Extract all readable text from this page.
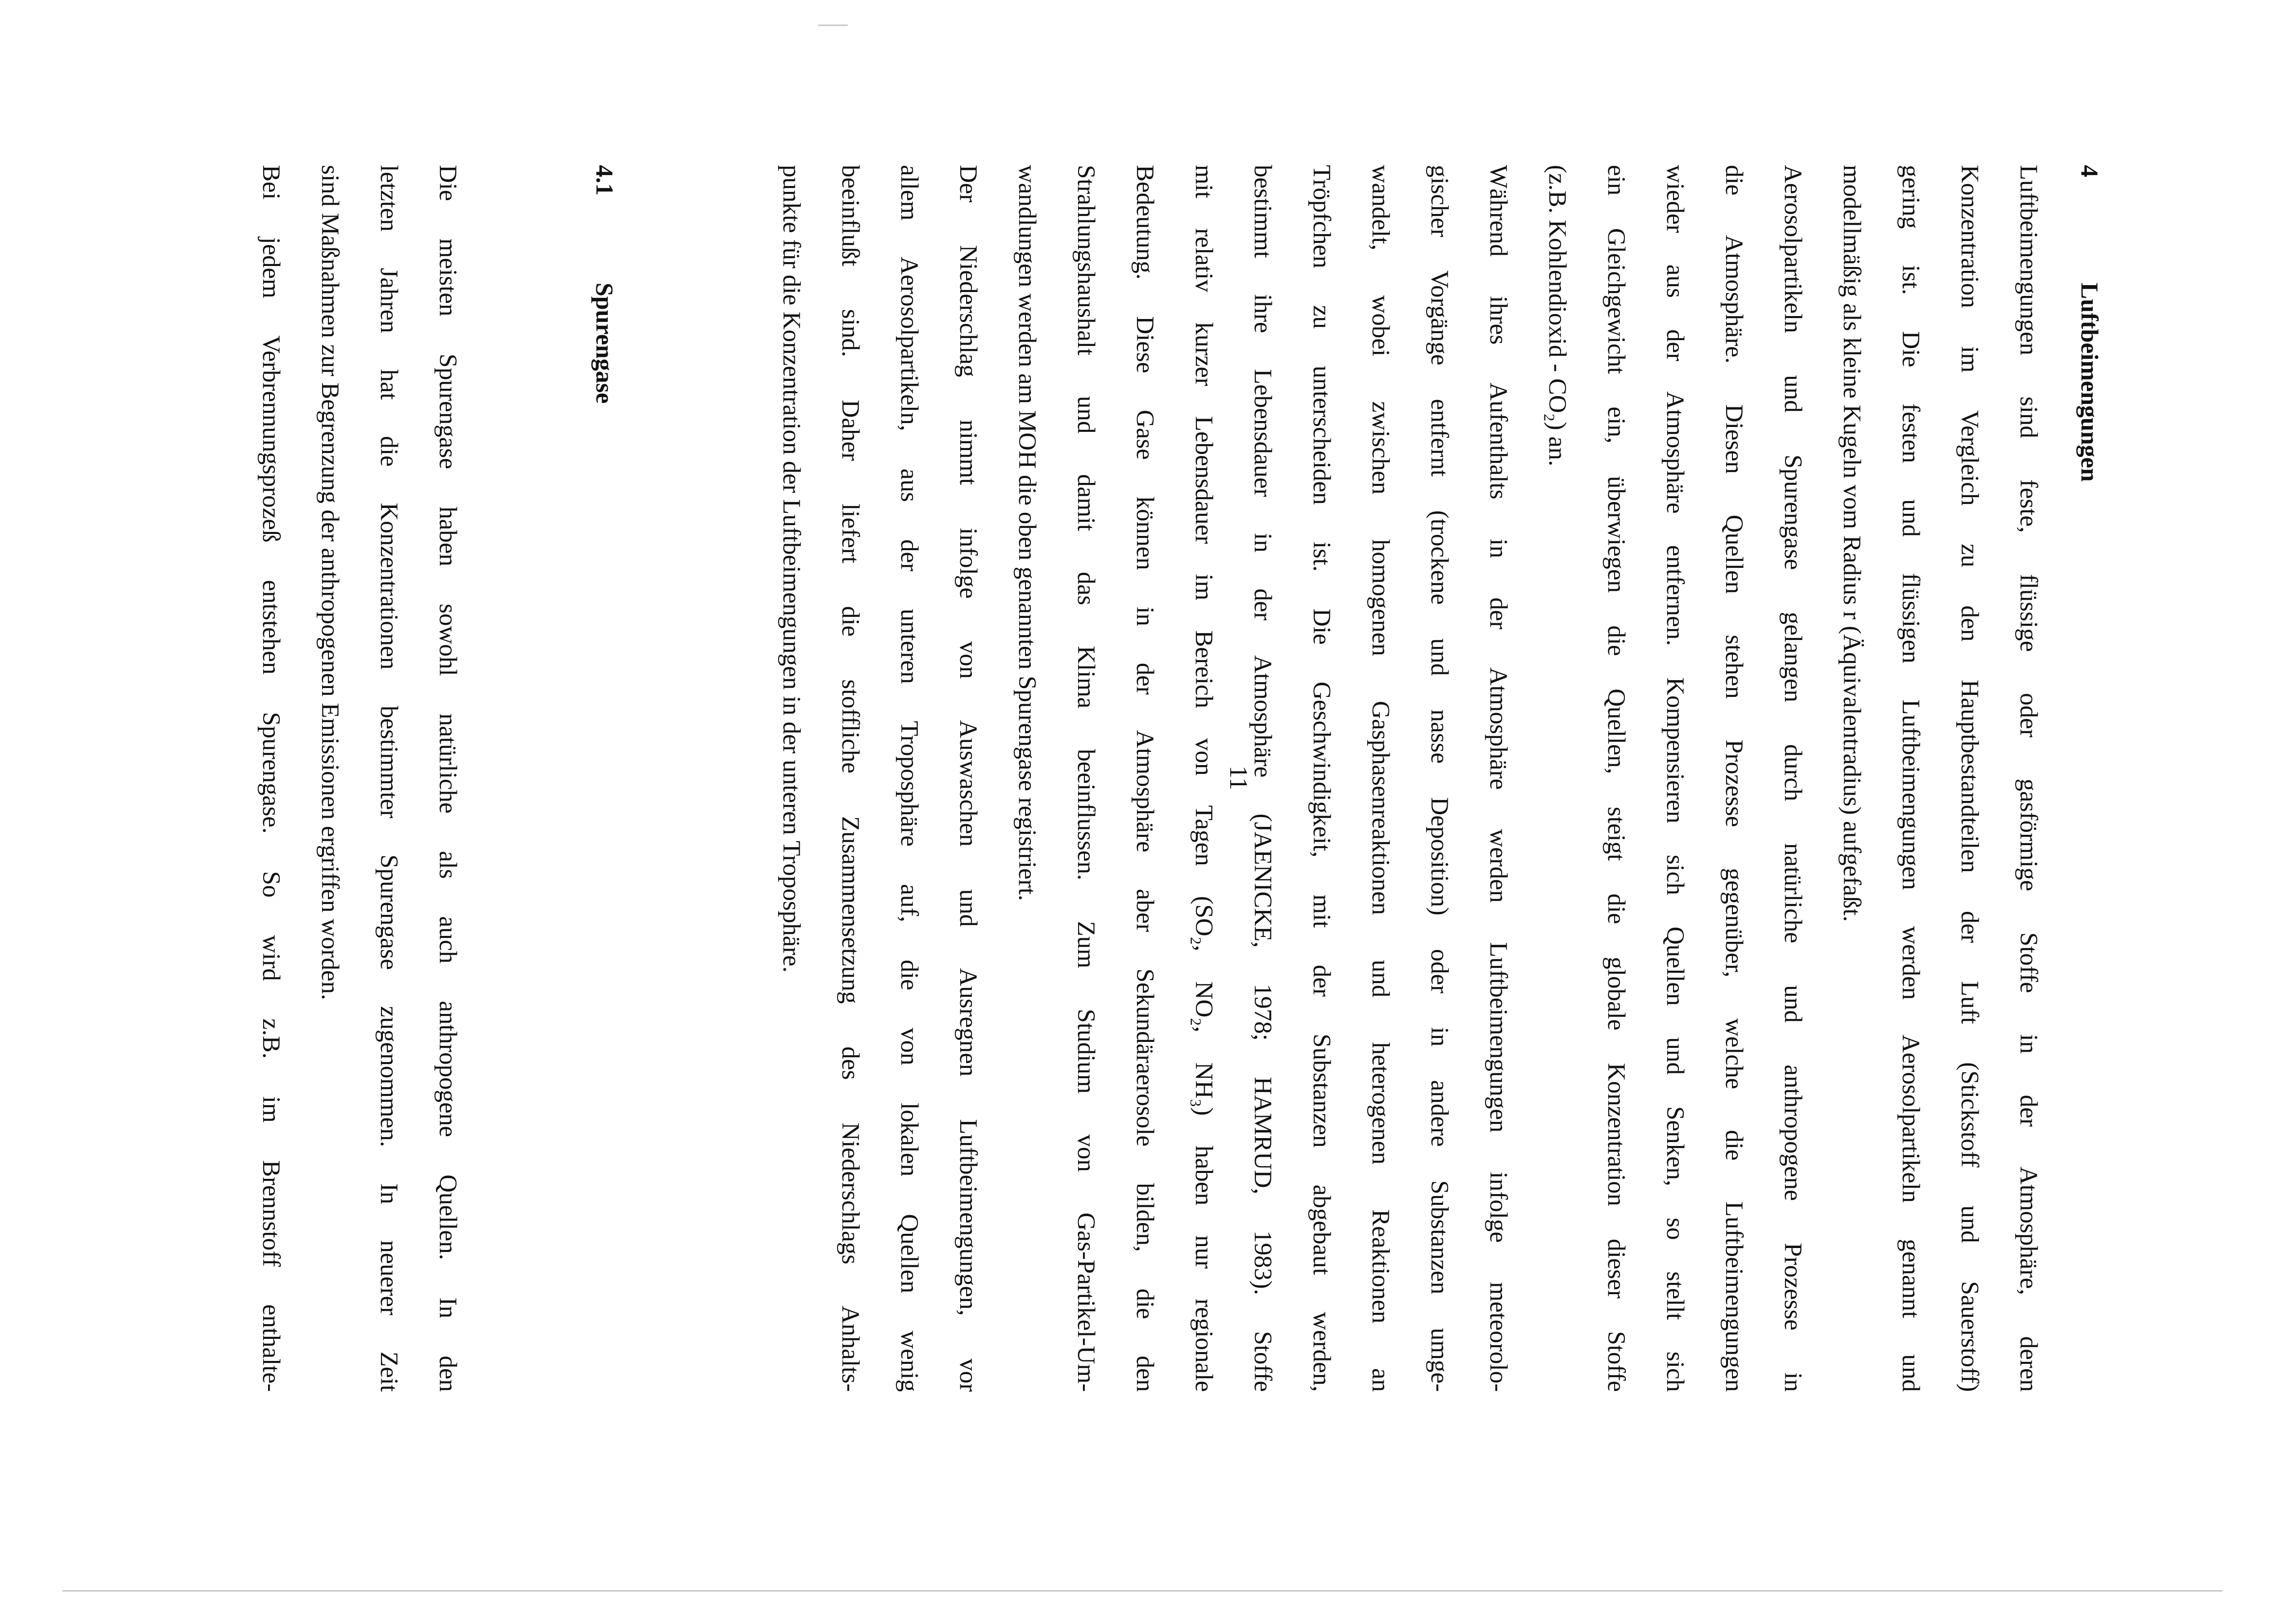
4
Luftbeimengungen
Luftbeimengungen sind feste, flüssige oder gasförmige Stoffe in der Atmosphäre, deren
Konzentration im Vergleich zu den Hauptbestandteilen der Luft (Stickstoff und Sauerstoff)
gering ist. Die festen und flüssigen Luftbeimengungen werden Aerosolpartikeln genannt und
modellmäßig als kleine Kugeln vom Radius r (Äquivalentradius) aufgefaßt.
Aerosolpartikeln und Spurengase gelangen durch natürliche und anthropogene Prozesse in
die Atmosphäre. Diesen Quellen stehen Prozesse gegenüber, welche die Luftbeimengungen
wieder aus der Atmosphäre entfernen. Kompensieren sich Quellen und Senken, so stellt sich
ein Gleichgewicht ein, überwiegen die Quellen, steigt die globale Konzentration dieser Stoffe
(z.B. Kohlendioxid - CO₂) an.
Während ihres Aufenthalts in der Atmosphäre werden Luftbeimengungen infolge meteorolo-
gischer Vorgänge entfernt (trockene und nasse Deposition) oder in andere Substanzen umge-
wandelt, wobei zwischen homogenen Gasphasenreaktionen und heterogenen Reaktionen an
Tröpfchen zu unterscheiden ist. Die Geschwindigkeit, mit der Substanzen abgebaut werden,
bestimmt ihre Lebensdauer in der Atmosphäre (JAENICKE, 1978; HAMRUD, 1983). Stoffe
mit relativ kurzer Lebensdauer im Bereich von Tagen (SO₂, NO₂, NH₃) haben nur regionale
Bedeutung. Diese Gase können in der Atmosphäre aber Sekundäraerosole bilden, die den
Strahlungshaushalt und damit das Klima beeinflussen. Zum Studium von Gas-Partikel-Um-
wandlungen werden am MOH die oben genannten Spurengase registriert.
Der Niederschlag nimmt infolge von Auswaschen und Ausregnen Luftbeimengungen, vor
allem Aerosolpartikeln, aus der unteren Troposphäre auf, die von lokalen Quellen wenig
beeinflußt sind. Daher liefert die stoffliche Zusammensetzung des Niederschlags Anhalts-
punkte für die Konzentration der Luftbeimengungen in der unteren Troposphäre.
4.1
Spurengase
Die meisten Spurengase haben sowohl natürliche als auch anthropogene Quellen. In den
letzten Jahren hat die Konzentrationen bestimmter Spurengase zugenommen. In neuerer Zeit
sind Maßnahmen zur Begrenzung der anthropogenen Emissionen ergriffen worden.
Bei jedem Verbrennungsprozeß entstehen Spurengase. So wird z.B. im Brennstoff enthalte-	11
